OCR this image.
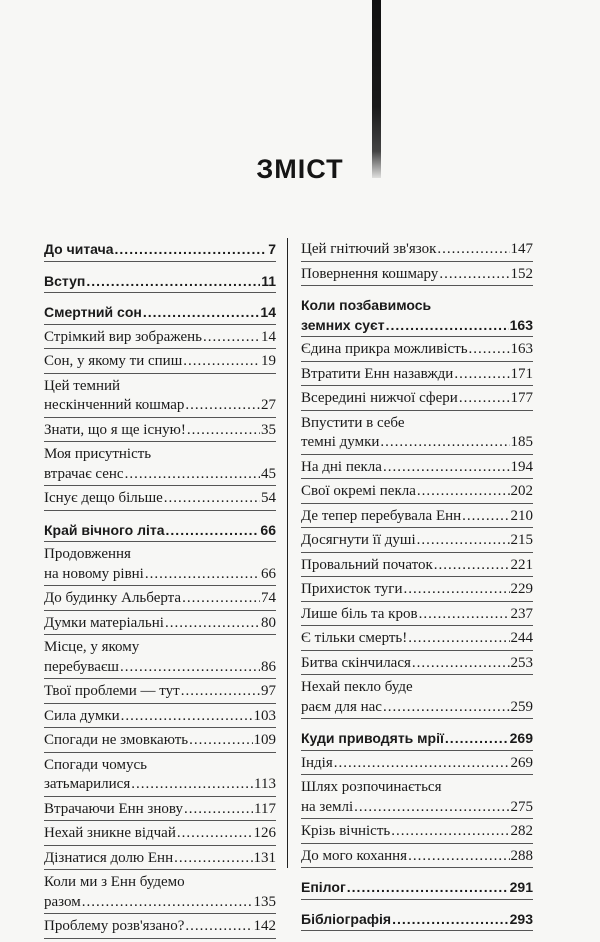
ЗМІСТ
До читача .....	7
Вступ .....	11
Смертний сон .....	14
Стрімкий вир зображень .....	14
Сон, у якому ти спиш .....	19
Цей темний
нескінченний кошмар .....	27
Знати, що я ще існую! .....	35
Моя присутність
втрачає сенс .....	45
Існує дещо більше .....	54
Край вічного літа .....	66
Продовження
на новому рівні .....	66
До будинку Альберта .....	74
Думки матеріальні .....	80
Місце, у якому
перебуваєш .....	86
Твої проблеми — тут .....	97
Сила думки .....	103
Спогади не змовкають .....	109
Спогади чомусь
затьмарилися .....	113
Втрачаючи Енн знову .....	117
Нехай зникне відчай .....	126
Дізнатися долю Енн .....	131
Коли ми з Енн будемо
разом .....	135
Проблему розв'язано? .....	142
Цей гнітючий зв'язок .....	147
Повернення кошмару .....	152
Коли позбавимось
земних суєт .....	163
Єдина прикра можливість .....	163
Втратити Енн назавжди .....	171
Всередині нижчої сфери .....	177
Впустити в себе
темні думки .....	185
На дні пекла .....	194
Свої окремі пекла .....	202
Де тепер перебувала Енн .....	210
Досягнути її душі .....	215
Провальний початок .....	221
Прихисток туги .....	229
Лише біль та кров .....	237
Є тільки смерть! .....	244
Битва скінчилася .....	253
Нехай пекло буде
раєм для нас .....	259
Куди приводять мрії .....	269
Індія .....	269
Шлях розпочинається
на землі .....	275
Крізь вічність .....	282
До мого кохання .....	288
Епілог .....	291
Бібліографія .....	293
